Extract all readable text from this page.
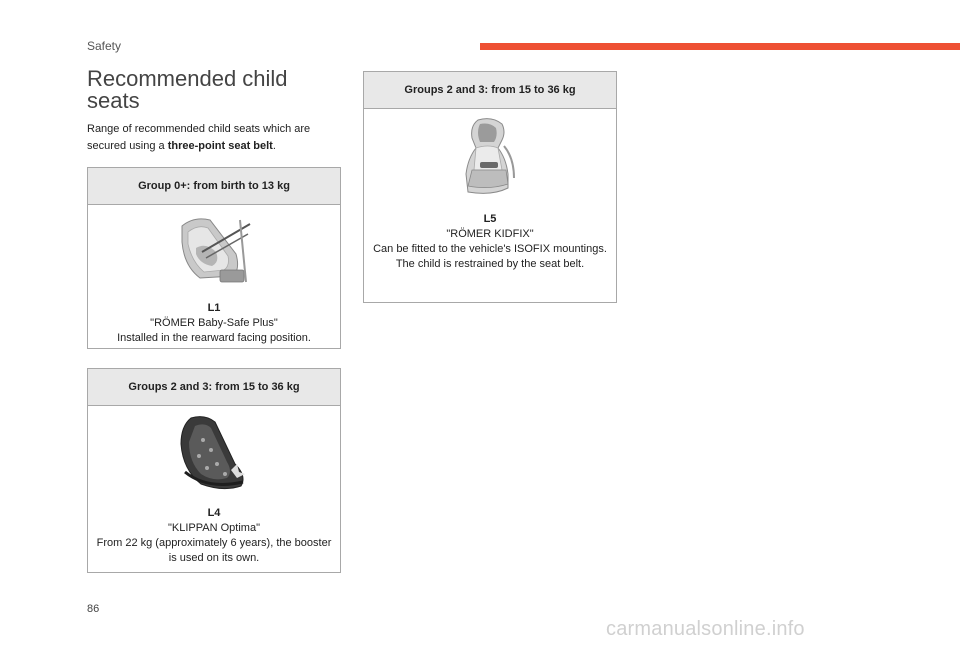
Safety
Recommended child seats
Range of recommended child seats which are secured using a three-point seat belt.
Group 0+: from birth to 13 kg
L1
"RÖMER Baby-Safe Plus"
Installed in the rearward facing position.
Groups 2 and 3: from 15 to 36 kg
L4
"KLIPPAN Optima"
From 22 kg (approximately 6 years), the booster is used on its own.
Groups 2 and 3: from 15 to 36 kg
L5
"RÖMER KIDFIX"
Can be fitted to the vehicle's ISOFIX mountings.
The child is restrained by the seat belt.
86
carmanualsonline.info
